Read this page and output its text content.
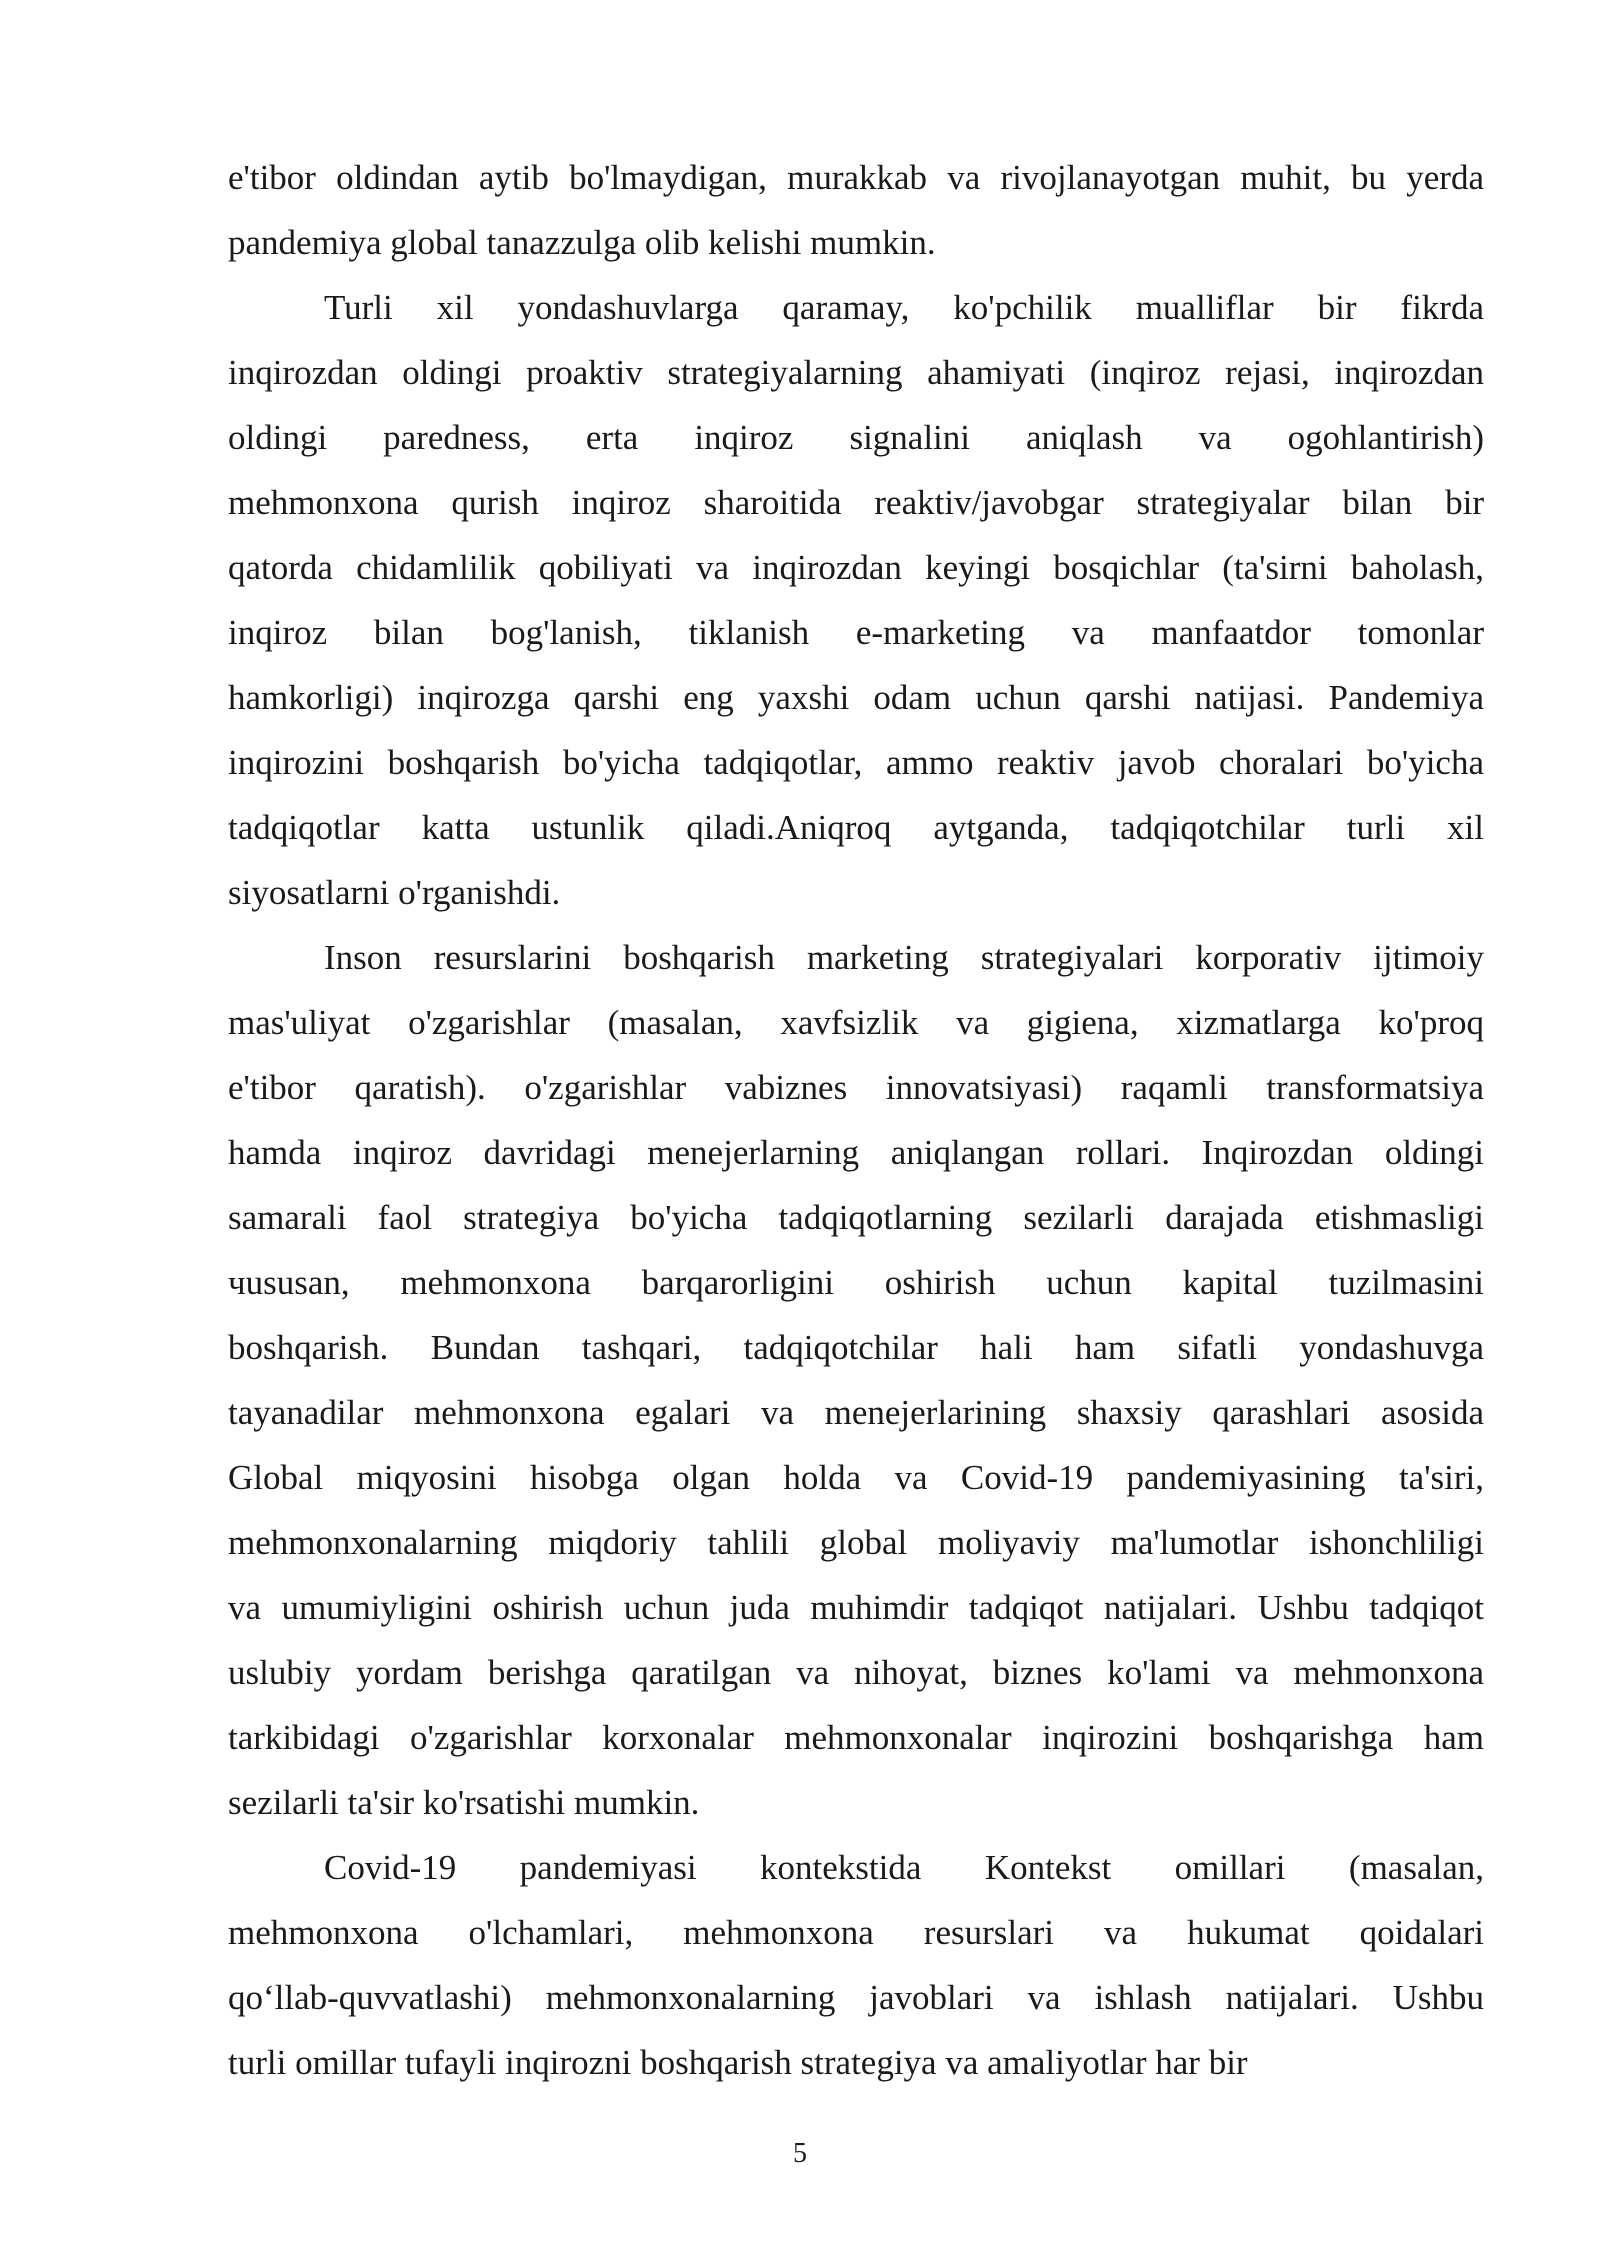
e'tibor oldindan aytib bo'lmaydigan, murakkab va rivojlanayotgan muhit, bu yerda
pandemiya global tanazzulga olib kelishi mumkin.

Turli xil yondashuvlarga qaramay, ko'pchilik mualliflar bir fikrda
inqirozdan oldingi proaktiv strategiyalarning ahamiyati (inqiroz rejasi, inqirozdan
oldingi paredness, erta inqiroz signalini aniqlash va ogohlantirish)
mehmonxona qurish inqiroz sharoitida reaktiv/javobgar strategiyalar bilan bir
qatorda chidamlilik qobiliyati va inqirozdan keyingi bosqichlar (ta'sirni baholash,
inqiroz bilan bog'lanish, tiklanish e-marketing va manfaatdor tomonlar
hamkorligi) inqirozga qarshi eng yaxshi odam uchun qarshi natijasi. Pandemiya
inqirozini boshqarish bo'yicha tadqiqotlar, ammo reaktiv javob choralari bo'yicha
tadqiqotlar katta ustunlik qiladi.Aniqroq aytganda, tadqiqotchilar turli xil
siyosatlarni o'rganishdi.

Inson resurslarini boshqarish marketing strategiyalari korporativ ijtimoiy
mas'uliyat o'zgarishlar (masalan, xavfsizlik va gigiena, xizmatlarga ko'proq
e'tibor qaratish). o'zgarishlar vabiznes innovatsiyasi) raqamli transformatsiya
hamda inqiroz davridagi menejerlarning aniqlangan rollari. Inqirozdan oldingi
samarali faol strategiya bo'yicha tadqiqotlarning sezilarli darajada etishmasligi
чususan, mehmonxona barqarorligini oshirish uchun kapital tuzilmasini
boshqarish. Bundan tashqari, tadqiqotchilar hali ham sifatli yondashuvga
tayanadilar mehmonxona egalari va menejerlarining shaxsiy qarashlari asosida
Global miqyosini hisobga olgan holda va Covid-19 pandemiyasining ta'siri,
mehmonxonalarning miqdoriy tahlili global moliyaviy ma'lumotlar ishonchliligi
va umumiyligini oshirish uchun juda muhimdir tadqiqot natijalari. Ushbu tadqiqot
uslubiy yordam berishga qaratilgan va nihoyat, biznes ko'lami va mehmonxona
tarkibidagi o'zgarishlar korxonalar mehmonxonalar inqirozini boshqarishga ham
sezilarli ta'sir ko'rsatishi mumkin.

Covid-19 pandemiyasi kontekstida Kontekst omillari (masalan,
mehmonxona o'lchamlari, mehmonxona resurslari va hukumat qoidalari
qo‘llab-quvvatlashi) mehmonxonalarning javoblari va ishlash natijalari. Ushbu
turli omillar tufayli inqirozni boshqarish strategiya va amaliyotlar har bir

5
